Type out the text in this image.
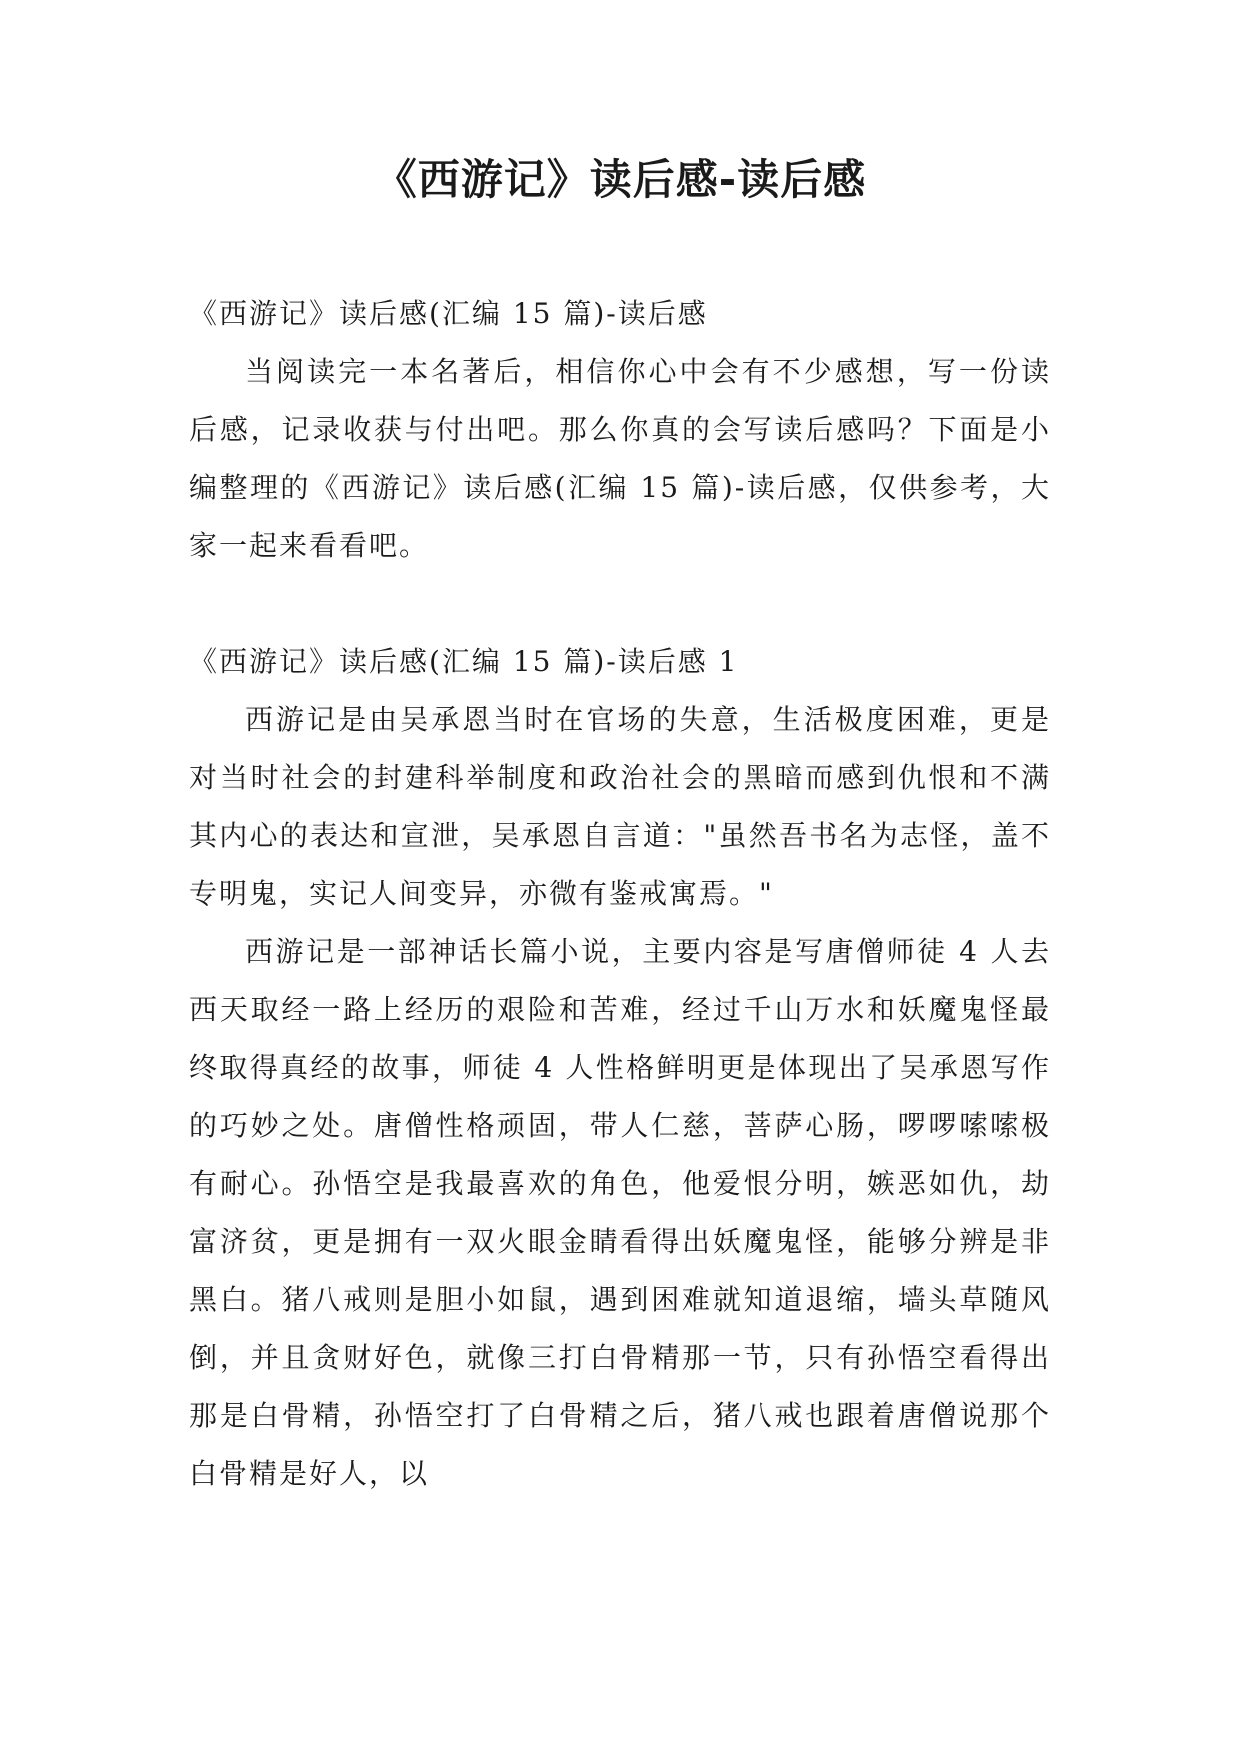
《西游记》读后感-读后感
《西游记》读后感(汇编 15 篇)-读后感

当阅读完一本名著后，相信你心中会有不少感想，写一份读后感，记录收获与付出吧。那么你真的会写读后感吗？下面是小编整理的《西游记》读后感(汇编 15 篇)-读后感，仅供参考，大家一起来看看吧。

《西游记》读后感(汇编 15 篇)-读后感 1

西游记是由吴承恩当时在官场的失意，生活极度困难，更是对当时社会的封建科举制度和政治社会的黑暗而感到仇恨和不满其内心的表达和宣泄，吴承恩自言道："虽然吾书名为志怪，盖不专明鬼，实记人间变异，亦微有鉴戒寓焉。"

西游记是一部神话长篇小说，主要内容是写唐僧师徒 4 人去西天取经一路上经历的艰险和苦难，经过千山万水和妖魔鬼怪最终取得真经的故事，师徒 4 人性格鲜明更是体现出了吴承恩写作的巧妙之处。唐僧性格顽固，带人仁慈，菩萨心肠，啰啰嗦嗦极有耐心。孙悟空是我最喜欢的角色，他爱恨分明，嫉恶如仇，劫富济贫，更是拥有一双火眼金睛看得出妖魔鬼怪，能够分辨是非黑白。猪八戒则是胆小如鼠，遇到困难就知道退缩，墙头草随风倒，并且贪财好色，就像三打白骨精那一节，只有孙悟空看得出那是白骨精，孙悟空打了白骨精之后，猪八戒也跟着唐僧说那个白骨精是好人，以
